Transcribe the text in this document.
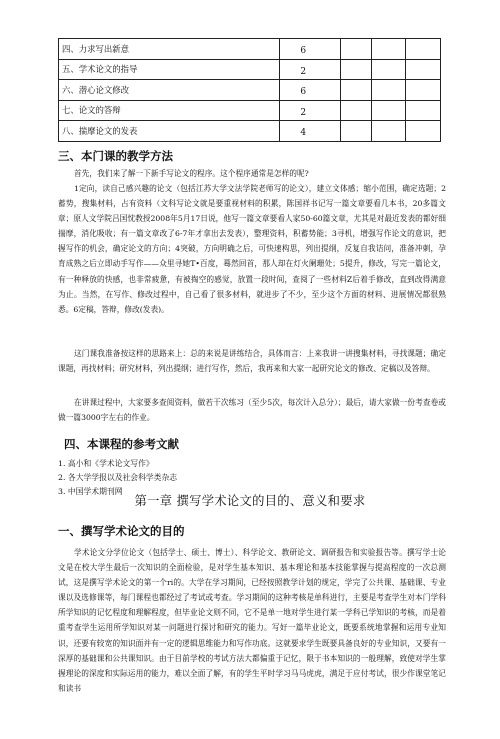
四、力求写出新意	6			
五、学术论文的指导	2			
六、潜心论文修改	6			
七、论文的答辩	2			
八、揣摩论文的发表	4			
三、本门课的教学方法
首先，我们来了解一下新手写论文的程序。这个程序通常是怎样的呢?
1定向，读自己感兴趣的论文（包括江苏大学文法学院老师写的论文），建立文体感；缩小范围，确定选题；2蓄势，搜集材料，占有资料（文科写论文就是要重视材料的积累，陈国祥书记写一篇文章要看几本书，20多篇文章；原人文学院吕国忱教授2008年5月17日说，他写一篇文章要看人家50-60篇文章，尤其是对最近发表的都好细揣摩，消化吸收；有一篇文章改了6-7年才拿出去发表），整理资料，积蓄势能；3寻机，增强写作论文的意识，把握写作的机会，确定论文的方向；4突破，方向明确之后，可快速构思，列出提纲，反复自我诘问，准备冲刺，孕育成熟之后立即动手写作——众里寻她T•百度，蓦然回首，那人却在灯火阑珊处；5提升，修改，写完一篇论文，有一种释放的快感，也非常疲惫，有被掏空的感觉，放置一段时间，查阅了一些材料Z后着手修改，直到改得满意为止。当然，在写作、修改过程中，自己看了很多材料，就进步了不少，至少这个方面的材料、进展情况都很熟悉。6定稿，答辩，修改(发表)。
这门课我准备按这样的思路来上：总的来说是讲练结合，具体而言：上来我讲一讲搜集材料，寻找课题；确定课题，再找材料；研究材料，列出提纲；进行写作，然后，我再来和大家一起研究论文的修改、定稿以及答辩。
在讲课过程中，大家要多查阅资料，做若干次练习（至少5次，每次计入总分）；最后，请大家做一份考查卷或做一篇3000字左右的作业。
四、本课程的参考文献
1. 高小和《学术论文写作》
2. 各大学学报以及社会科学类杂志
3. 中国学术期刊网
第一章 撰写学术论文的目的、意义和要求
一、撰写学术论文的目的
学术论文分学位论文（包括学士、硕士、博士）、科学论文、教研论文、调研报告和实验报告等。撰写学士论文是在校大学生最后一次知识的全面检验，是对学生基本知识、基本理论和基本技能掌握与提高程度的一次总测试，这是撰写学术论文的第一个ri的。大学在学习期间，已经按照教学计划的规定，学完了公共课、基础课、专业课以及选修课等，每门课程也都经过了考试或考查。学习期间的这种考核是单科进行，主要是考查学生对本门学科所学知识的记忆程度和理解程度，但毕业论文则不同，它不是单一地对学生进行某一学科已学知识的考核，而是着重考查学生运用所学知识对某一问题进行探讨和研究的能力。写好一篇毕业论文，既要系统地掌握和运用专业知识，还要有较宽的知识面并有一定的逻辑思维能力和写作功底。这就要求学生既要具备良好的专业知识，又要有一深厚的基础课和公共课知识。由于目前学校的考试方法大都偏重于记忆，限于书本知识的一般理解，致使对学生掌握理论的深度和实际运用的能力，难以全面了解，有的学生平时学习马马虎虎，满足于应付考试，很少作课堂笔记和读书
